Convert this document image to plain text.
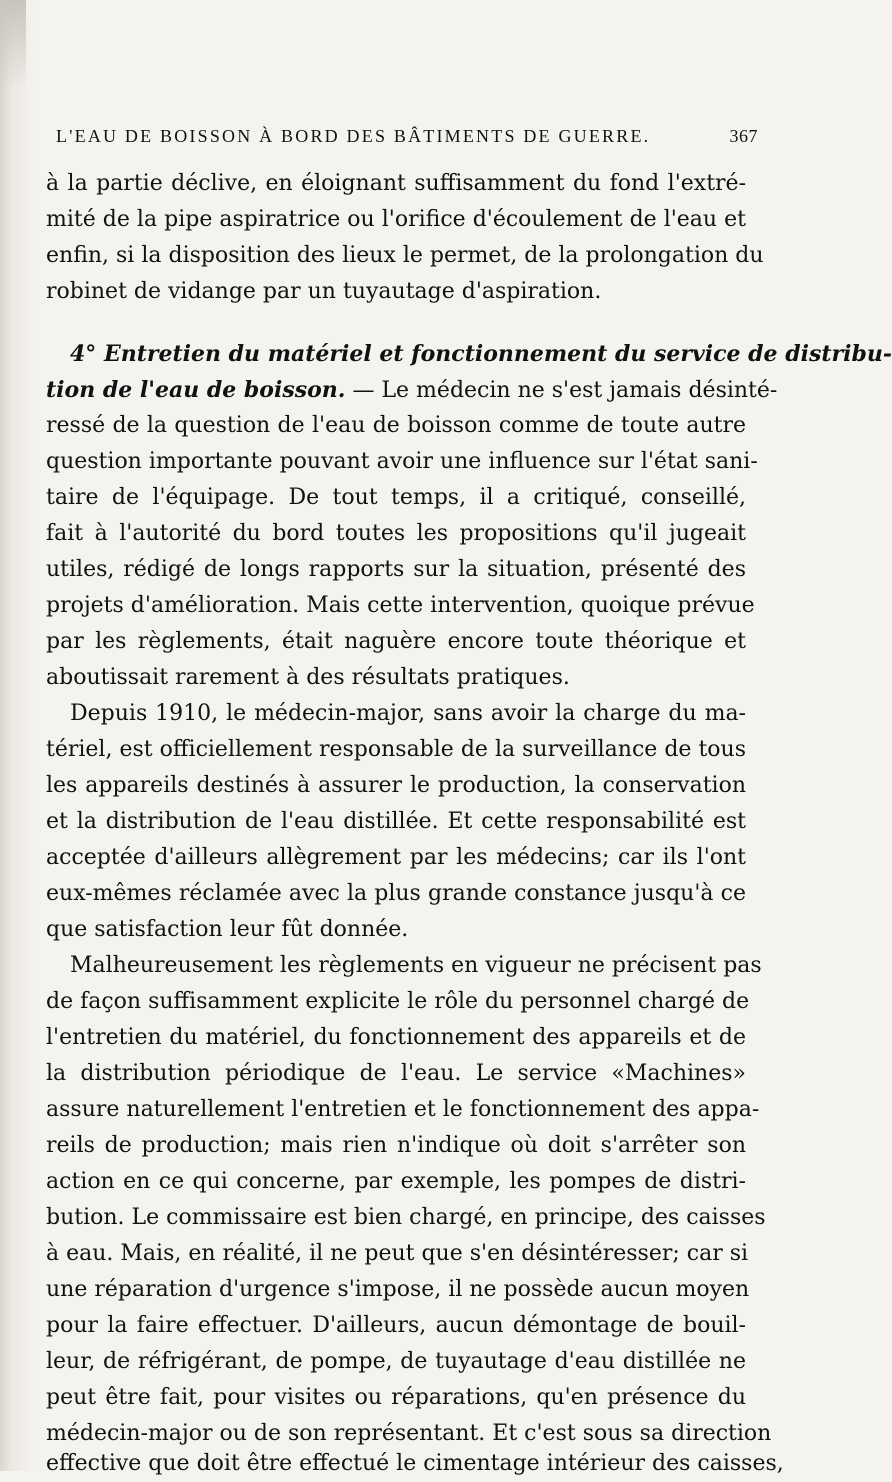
L'EAU DE BOISSON À BORD DES BÂTIMENTS DE GUERRE.	367
à la partie déclive, en éloignant suffisamment du fond l'extré-
mité de la pipe aspiratrice ou l'orifice d'écoulement de l'eau et
enfin, si la disposition des lieux le permet, de la prolongation du
robinet de vidange par un tuyautage d'aspiration.
4° Entretien du matériel et fonctionnement du service de distribu-
tion de l'eau de boisson. — Le médecin ne s'est jamais désinté-
ressé de la question de l'eau de boisson comme de toute autre
question importante pouvant avoir une influence sur l'état sani-
taire de l'équipage. De tout temps, il a critiqué, conseillé,
fait à l'autorité du bord toutes les propositions qu'il jugeait
utiles, rédigé de longs rapports sur la situation, présenté des
projets d'amélioration. Mais cette intervention, quoique prévue
par les règlements, était naguère encore toute théorique et
aboutissait rarement à des résultats pratiques.
Depuis 1910, le médecin-major, sans avoir la charge du ma-
tériel, est officiellement responsable de la surveillance de tous
les appareils destinés à assurer le production, la conservation
et la distribution de l'eau distillée. Et cette responsabilité est
acceptée d'ailleurs allègrement par les médecins; car ils l'ont
eux-mêmes réclamée avec la plus grande constance jusqu'à ce
que satisfaction leur fût donnée.
Malheureusement les règlements en vigueur ne précisent pas
de façon suffisamment explicite le rôle du personnel chargé de
l'entretien du matériel, du fonctionnement des appareils et de
la distribution périodique de l'eau. Le service «Machines»
assure naturellement l'entretien et le fonctionnement des appa-
reils de production; mais rien n'indique où doit s'arrêter son
action en ce qui concerne, par exemple, les pompes de distri-
bution. Le commissaire est bien chargé, en principe, des caisses
à eau. Mais, en réalité, il ne peut que s'en désintéresser; car si
une réparation d'urgence s'impose, il ne possède aucun moyen
pour la faire effectuer. D'ailleurs, aucun démontage de bouil-
leur, de réfrigérant, de pompe, de tuyautage d'eau distillée ne
peut être fait, pour visites ou réparations, qu'en présence du
médecin-major ou de son représentant. Et c'est sous sa direction
effective que doit être effectué le cimentage intérieur des caisses,
